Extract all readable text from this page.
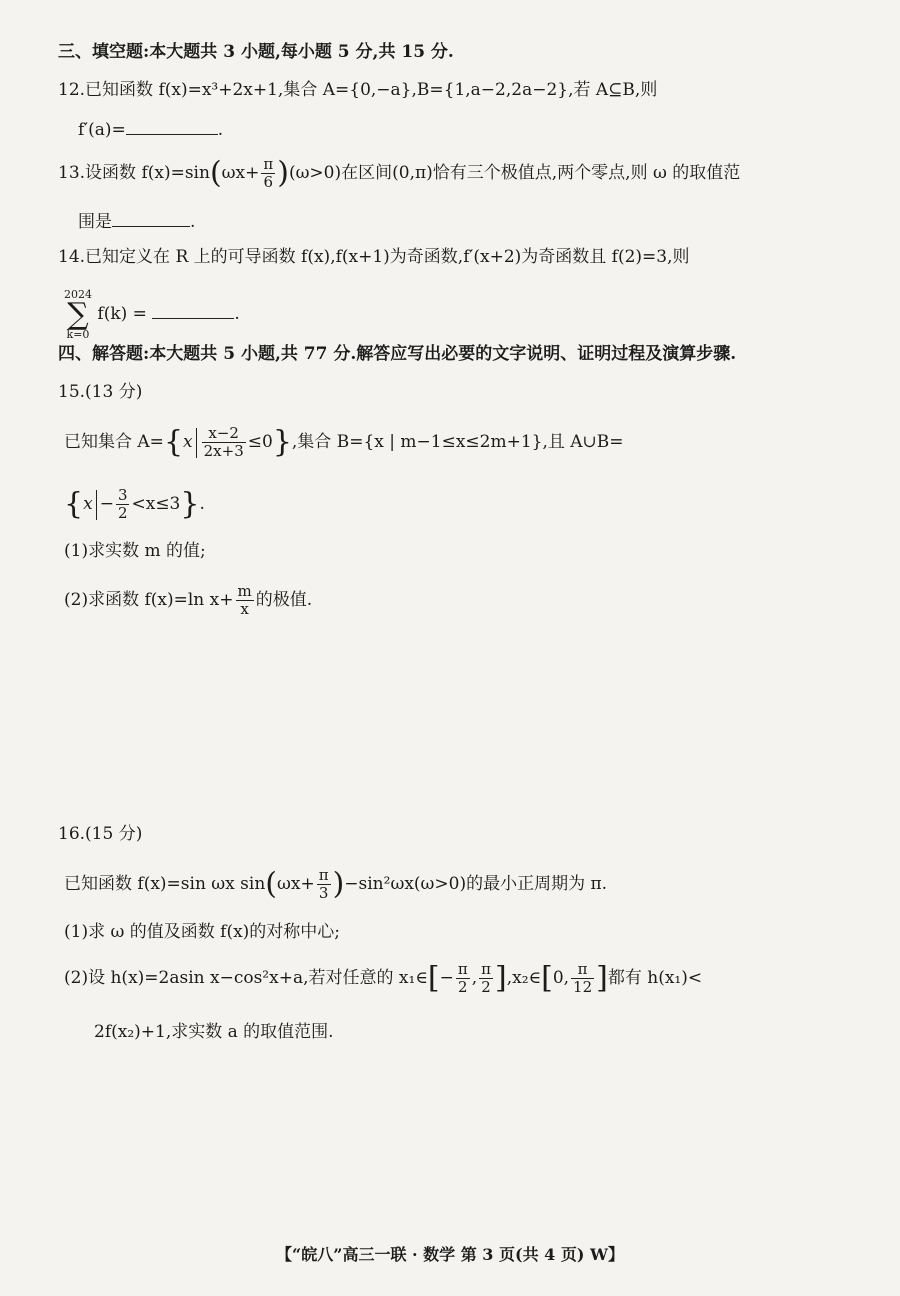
三、填空题:本大题共 3 小题,每小题 5 分,共 15 分.
12.已知函数 f(x)=x³+2x+1,集合 A={0,−a},B={1,a−2,2a−2},若 A⊆B,则
f′(a)=	.
13.设函数 $f(x)=\sin(\omega x+ \frac{\pi}{6} )(\omega>0)$在区间(0,π)恰有三个极值点,两个零点,则 ω 的取值范
围是	.
14.已知定义在 R 上的可导函数 f(x),f(x+1)为奇函数,f′(x+2)为奇函数且 f(2)=3,则
2024
∑
k=0 f(k) =	.
四、解答题:本大题共 5 小题,共 77 分.解答应写出必要的文字说明、证明过程及演算步骤.
15.(13 分)
已知集合 $A=\{x \frac{x-2}{2x+3} \le 0\}$,集合 B={x | m−1≤x≤2m+1},且 A∪B=
$\{x - \frac{3}{2} <x\le 3\}$.
(1)求实数 m 的值;
(2)求函数 f(x)=ln $x+ \frac{m}{x}$ 的极值.
16.(15 分)
已知函数 f(x)=sin ωx $\sin(\omega x+ \frac{\pi}{3} )-\sin^2\omega x(\omega>0)$的最小正周期为 π.
(1)求 ω 的值及函数 f(x)的对称中心;
(2)设 h(x)=2asin x−cos²x+a,若对任意的 x₁∈[− $\frac{\pi}{2}$ , $\frac{\pi}{2}$ ],x₂∈[0, $\frac{\pi}{12}$ ]都有 h(x₁)<
2f(x₂)+1,求实数 a 的取值范围.
【“皖八”高三一联 · 数学 第 3 页(共 4 页) W】
